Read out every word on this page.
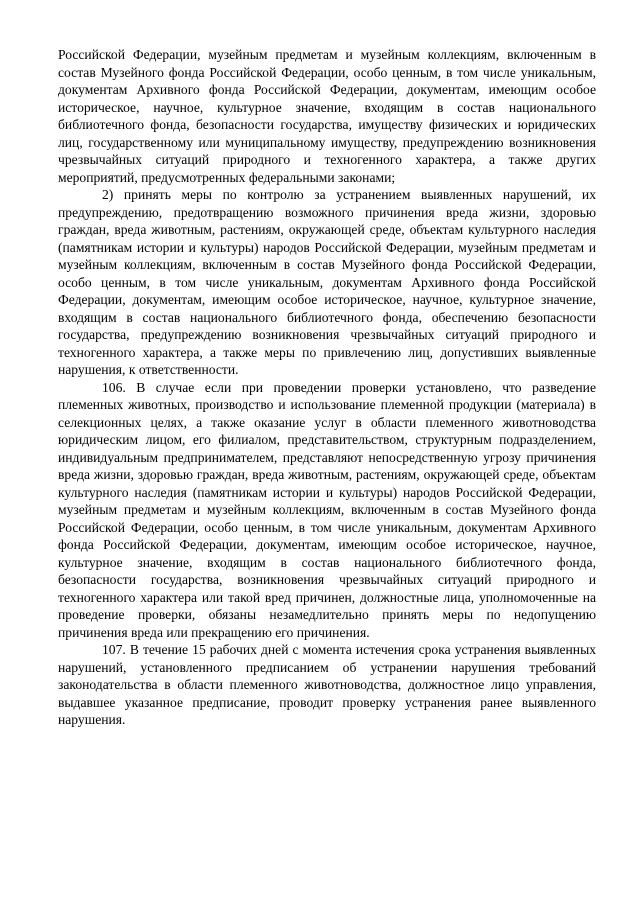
Российской Федерации, музейным предметам и музейным коллекциям, включенным в состав Музейного фонда Российской Федерации, особо ценным, в том числе уникальным, документам Архивного фонда Российской Федерации, документам, имеющим особое историческое, научное, культурное значение, входящим в состав национального библиотечного фонда, безопасности государства, имуществу физических и юридических лиц, государственному или муниципальному имуществу, предупреждению возникновения чрезвычайных ситуаций природного и техногенного характера, а также других мероприятий, предусмотренных федеральными законами;

2) принять меры по контролю за устранением выявленных нарушений, их предупреждению, предотвращению возможного причинения вреда жизни, здоровью граждан, вреда животным, растениям, окружающей среде, объектам культурного наследия (памятникам истории и культуры) народов Российской Федерации, музейным предметам и музейным коллекциям, включенным в состав Музейного фонда Российской Федерации, особо ценным, в том числе уникальным, документам Архивного фонда Российской Федерации, документам, имеющим особое историческое, научное, культурное значение, входящим в состав национального библиотечного фонда, обеспечению безопасности государства, предупреждению возникновения чрезвычайных ситуаций природного и техногенного характера, а также меры по привлечению лиц, допустивших выявленные нарушения, к ответственности.

106. В случае если при проведении проверки установлено, что разведение племенных животных, производство и использование племенной продукции (материала) в селекционных целях, а также оказание услуг в области племенного животноводства юридическим лицом, его филиалом, представительством, структурным подразделением, индивидуальным предпринимателем, представляют непосредственную угрозу причинения вреда жизни, здоровью граждан, вреда животным, растениям, окружающей среде, объектам культурного наследия (памятникам истории и культуры) народов Российской Федерации, музейным предметам и музейным коллекциям, включенным в состав Музейного фонда Российской Федерации, особо ценным, в том числе уникальным, документам Архивного фонда Российской Федерации, документам, имеющим особое историческое, научное, культурное значение, входящим в состав национального библиотечного фонда, безопасности государства, возникновения чрезвычайных ситуаций природного и техногенного характера или такой вред причинен, должностные лица, уполномоченные на проведение проверки, обязаны незамедлительно принять меры по недопущению причинения вреда или прекращению его причинения.

107. В течение 15 рабочих дней с момента истечения срока устранения выявленных нарушений, установленного предписанием об устранении нарушения требований законодательства в области племенного животноводства, должностное лицо управления, выдавшее указанное предписание, проводит проверку устранения ранее выявленного нарушения.
